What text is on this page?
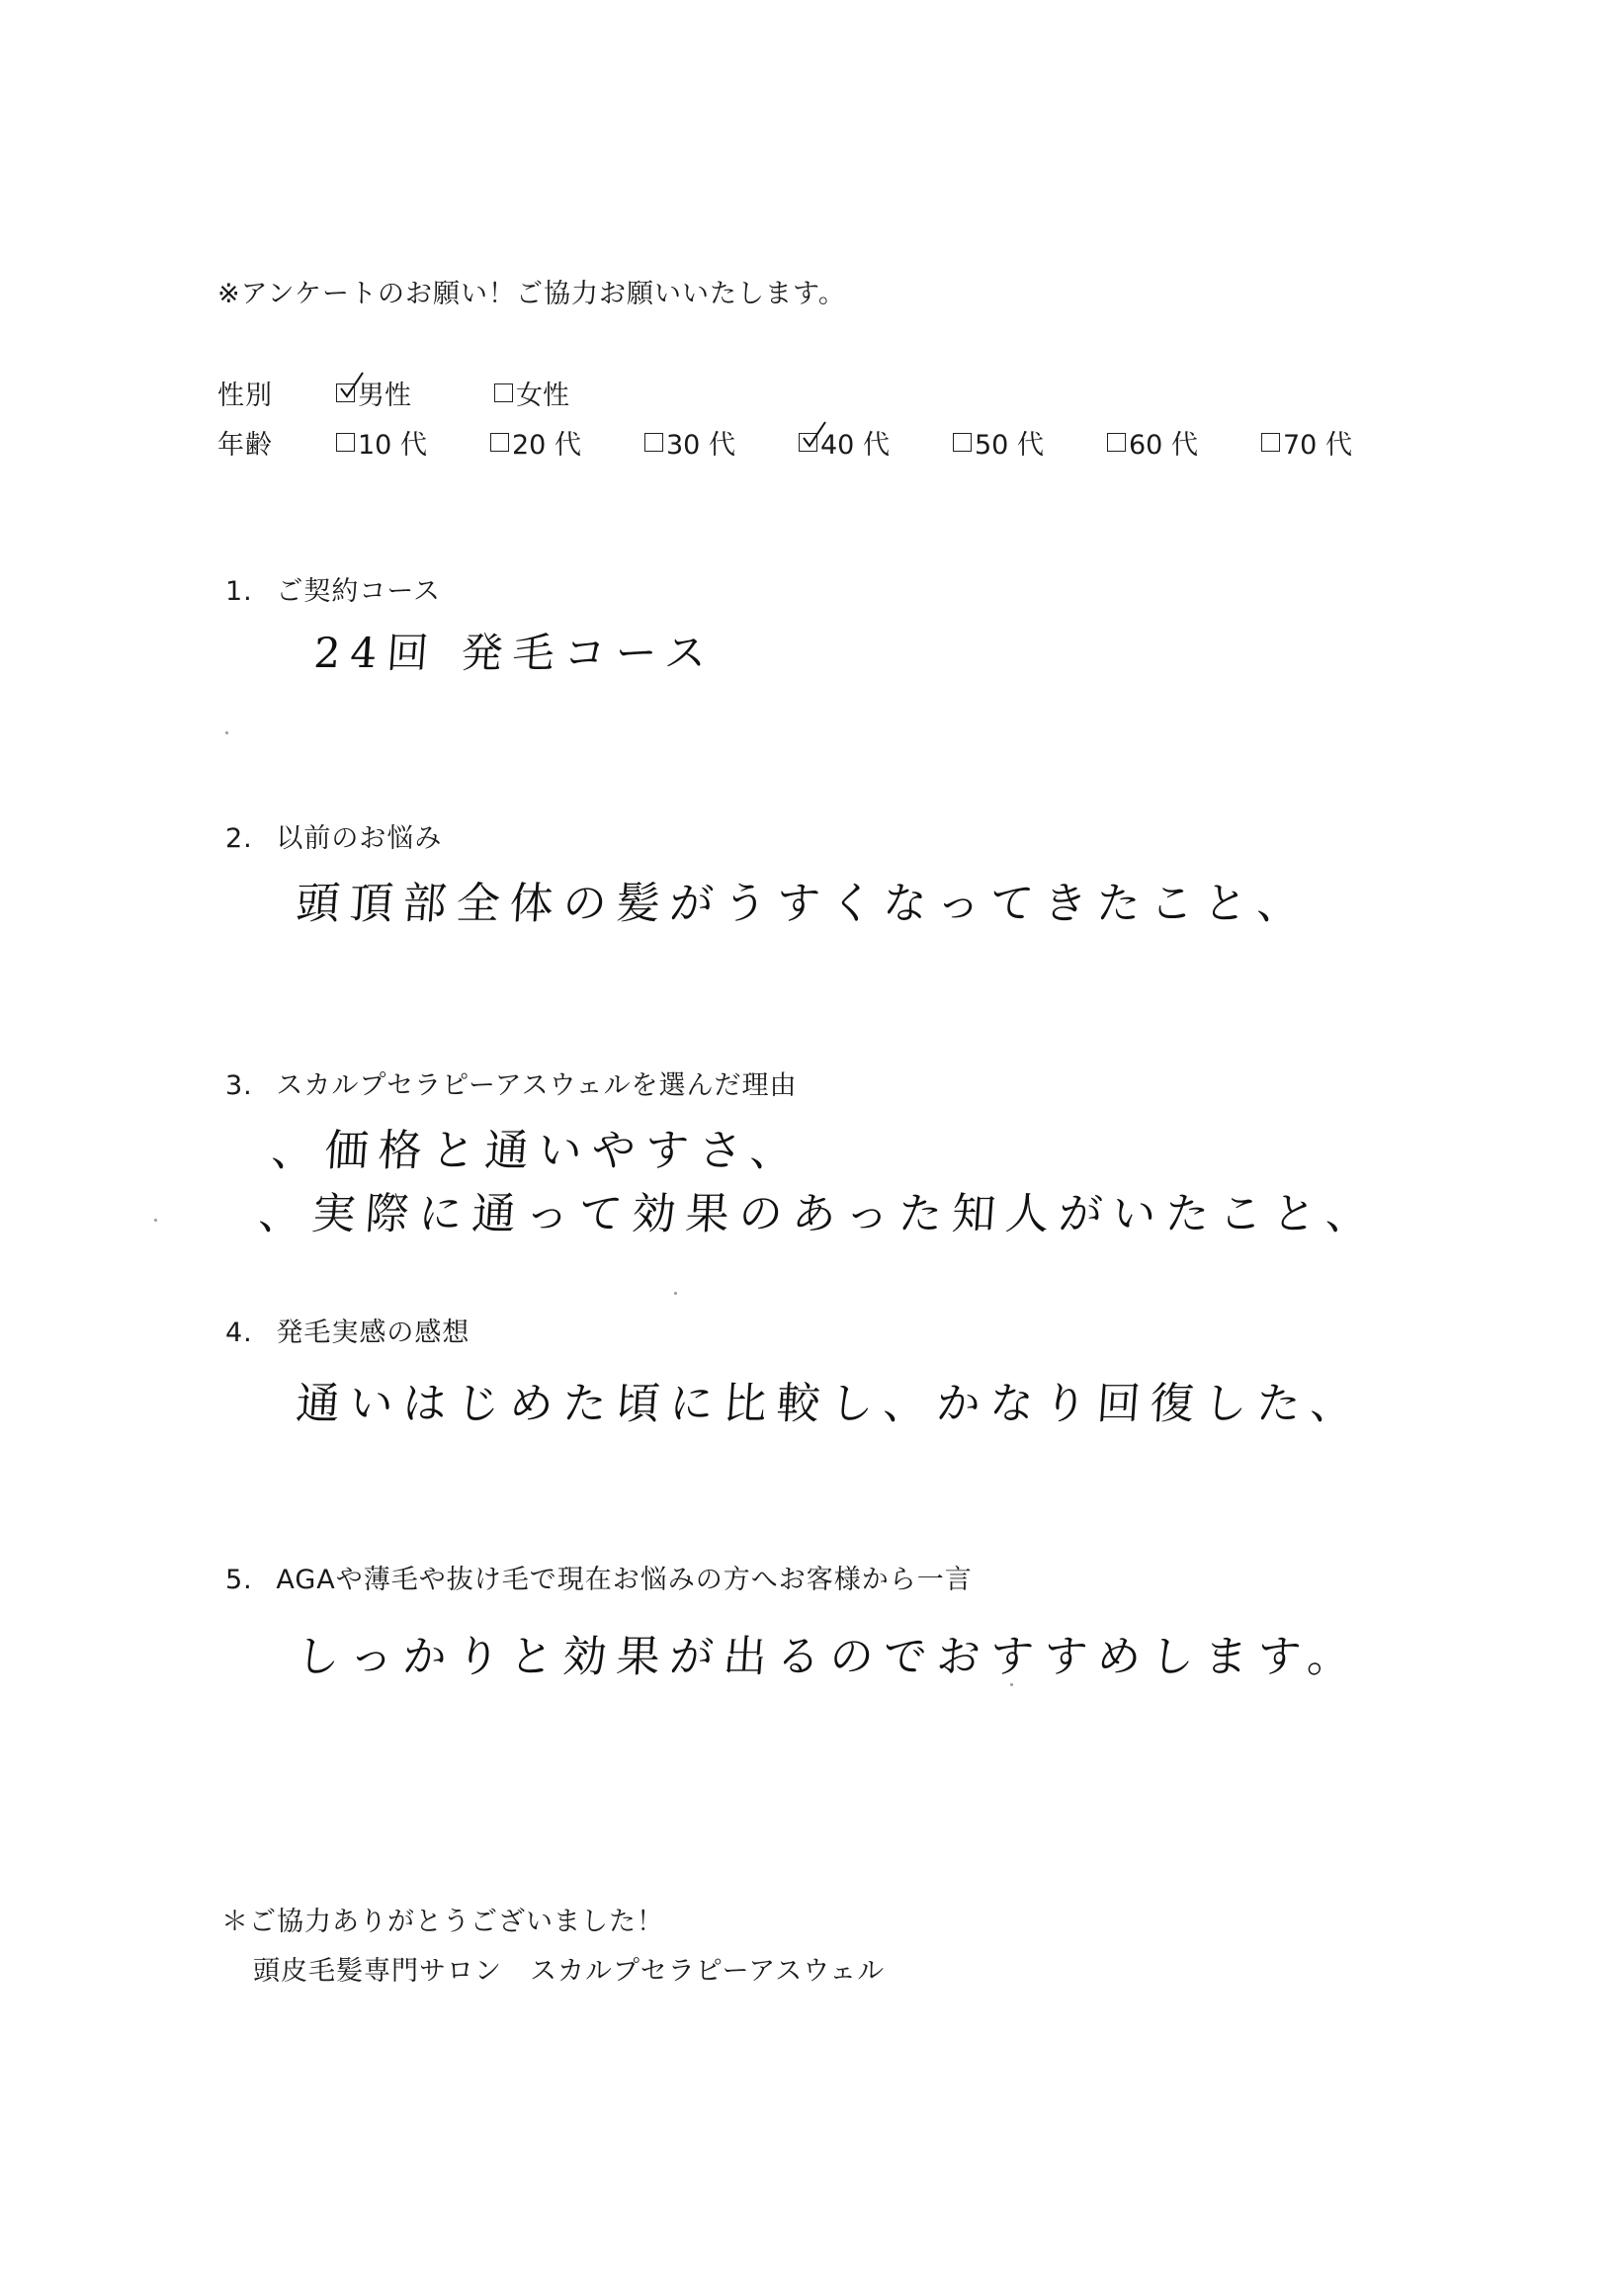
※アンケートのお願い！ご協力お願いいたします。
性別	男性	女性
年齢	10 代	20 代	30 代	40 代	50 代	60 代	70 代
1. ご契約コース
24回 発毛コース
2. 以前のお悩み
頭頂部全体の髪がうすくなってきたこと、
3. スカルプセラピーアスウェルを選んだ理由
、価格と通いやすさ、
、実際に通って効果のあった知人がいたこと、
4. 発毛実感の感想
通いはじめた頃に比較し、かなり回復した、
5. AGAや薄毛や抜け毛で現在お悩みの方へお客様から一言
しっかりと効果が出るのでおすすめします。
＊ご協力ありがとうございました！
頭皮毛髪専門サロン　スカルプセラピーアスウェル
